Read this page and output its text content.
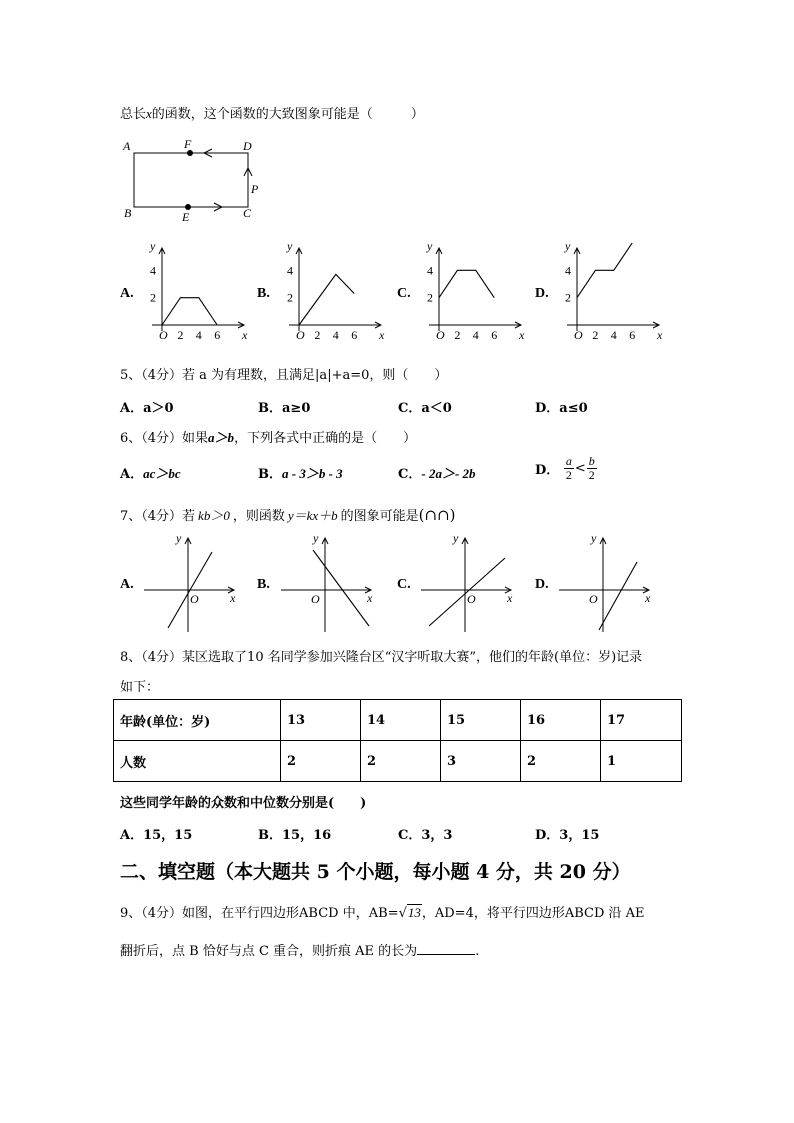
总长x的函数，这个函数的大致图象可能是（	）
A	F	D
P
B	E	C
A.
y
x
O 2 4 6
2
4
B.
y
x
O 2 4 6
2
4
C.
y
x
O 2 4 6
2
4
D.
y
x
O 2 4 6
2
4
5、（4分）若 a 为有理数，且满足|a|+a=0，则（　　）
A．a＞0	B．a≥0	C．a＜0	D．a≤0
6、（4分）如果a＞b，下列各式中正确的是（　　）
A．ac＞bc	B．a - 3＞b - 3	C．- 2a＞- 2b	D． $\frac{a}{2} < \frac{b}{2}$
7、（4分）若 kb＞0 ，则函数 y＝kx＋b 的图象可能是(∩∩)
A.
y
x
O
B.
y
x
O
C.
y
x
O
D.
y
x
O
8、（4分）某区选取了10 名同学参加兴隆台区“汉字听取大赛”，他们的年龄(单位：岁)记录
如下：
年龄(单位：岁)	13	14	15	16	17
人数	2	2	3	2	1
这些同学年龄的众数和中位数分别是(　　)
A．15，15	B．15，16	C．3，3	D．3，15
二、填空题（本大题共 5 个小题，每小题 4 分，共 20 分）
9、（4分）如图，在平行四边形ABCD 中，AB=√13，AD=4，将平行四边形ABCD 沿 AE
翻折后，点 B 恰好与点 C 重合，则折痕 AE 的长为	.
